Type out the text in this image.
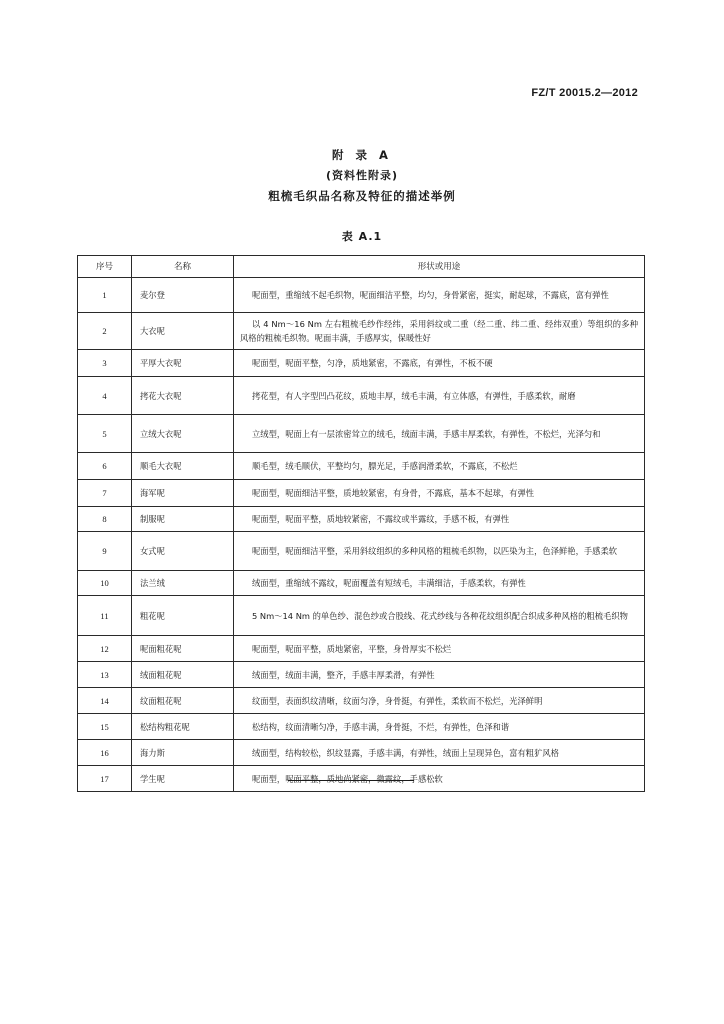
FZ/T 20015.2—2012
附 录 A
(资料性附录)
粗梳毛织品名称及特征的描述举例
表 A.1
序号	名称	形状或用途
1	麦尔登	呢面型，重缩绒不起毛织物，呢面细洁平整，均匀，身骨紧密，挺实，耐起球，不露底，富有弹性

2	大衣呢	以 4 Nm～16 Nm 左右粗梳毛纱作经纬，采用斜纹或二重（经二重、纬二重、经纬双重）等组织的多种风格的粗梳毛织物。呢面丰满，手感厚实，保暖性好

3	平厚大衣呢	呢面型，呢面平整，匀净，质地紧密，不露底，有弹性，不板不硬

4	拷花大衣呢	拷花型，有人字型凹凸花纹，质地丰厚，绒毛丰满，有立体感，有弹性，手感柔软，耐磨

5	立绒大衣呢	立绒型，呢面上有一层浓密耸立的绒毛，绒面丰满，手感丰厚柔软，有弹性，不松烂，光泽匀和

6	顺毛大衣呢	顺毛型，绒毛顺伏，平整均匀，膘光足，手感润滑柔软，不露底，不松烂

7	海军呢	呢面型，呢面细洁平整，质地较紧密，有身骨，不露底，基本不起球，有弹性

8	制服呢	呢面型，呢面平整，质地较紧密，不露纹或半露纹，手感不板，有弹性

9	女式呢	呢面型，呢面细洁平整，采用斜纹组织的多种风格的粗梳毛织物，以匹染为主，色泽鲜艳，手感柔软

10	法兰绒	绒面型，重缩绒不露纹，呢面覆盖有短绒毛，丰满细洁，手感柔软，有弹性

11	粗花呢	5 Nm～14 Nm 的单色纱、混色纱或合股线、花式纱线与各种花纹组织配合织成多种风格的粗梳毛织物

12	呢面粗花呢	呢面型，呢面平整，质地紧密，平整，身骨厚实不松烂

13	绒面粗花呢	绒面型，绒面丰满，整齐，手感丰厚柔滑，有弹性

14	纹面粗花呢	纹面型，表面织纹清晰，纹面匀净，身骨挺，有弹性，柔软而不松烂，光泽鲜明

15	松结构粗花呢	松结构，纹面清晰匀净，手感丰满，身骨挺，不烂，有弹性，色泽和谐

16	海力斯	绒面型，结构较松，织纹显露，手感丰满，有弹性，绒面上呈现异色，富有粗犷风格

17	学生呢	呢面型，呢面平整，质地尚紧密，微露纹，手感松软
